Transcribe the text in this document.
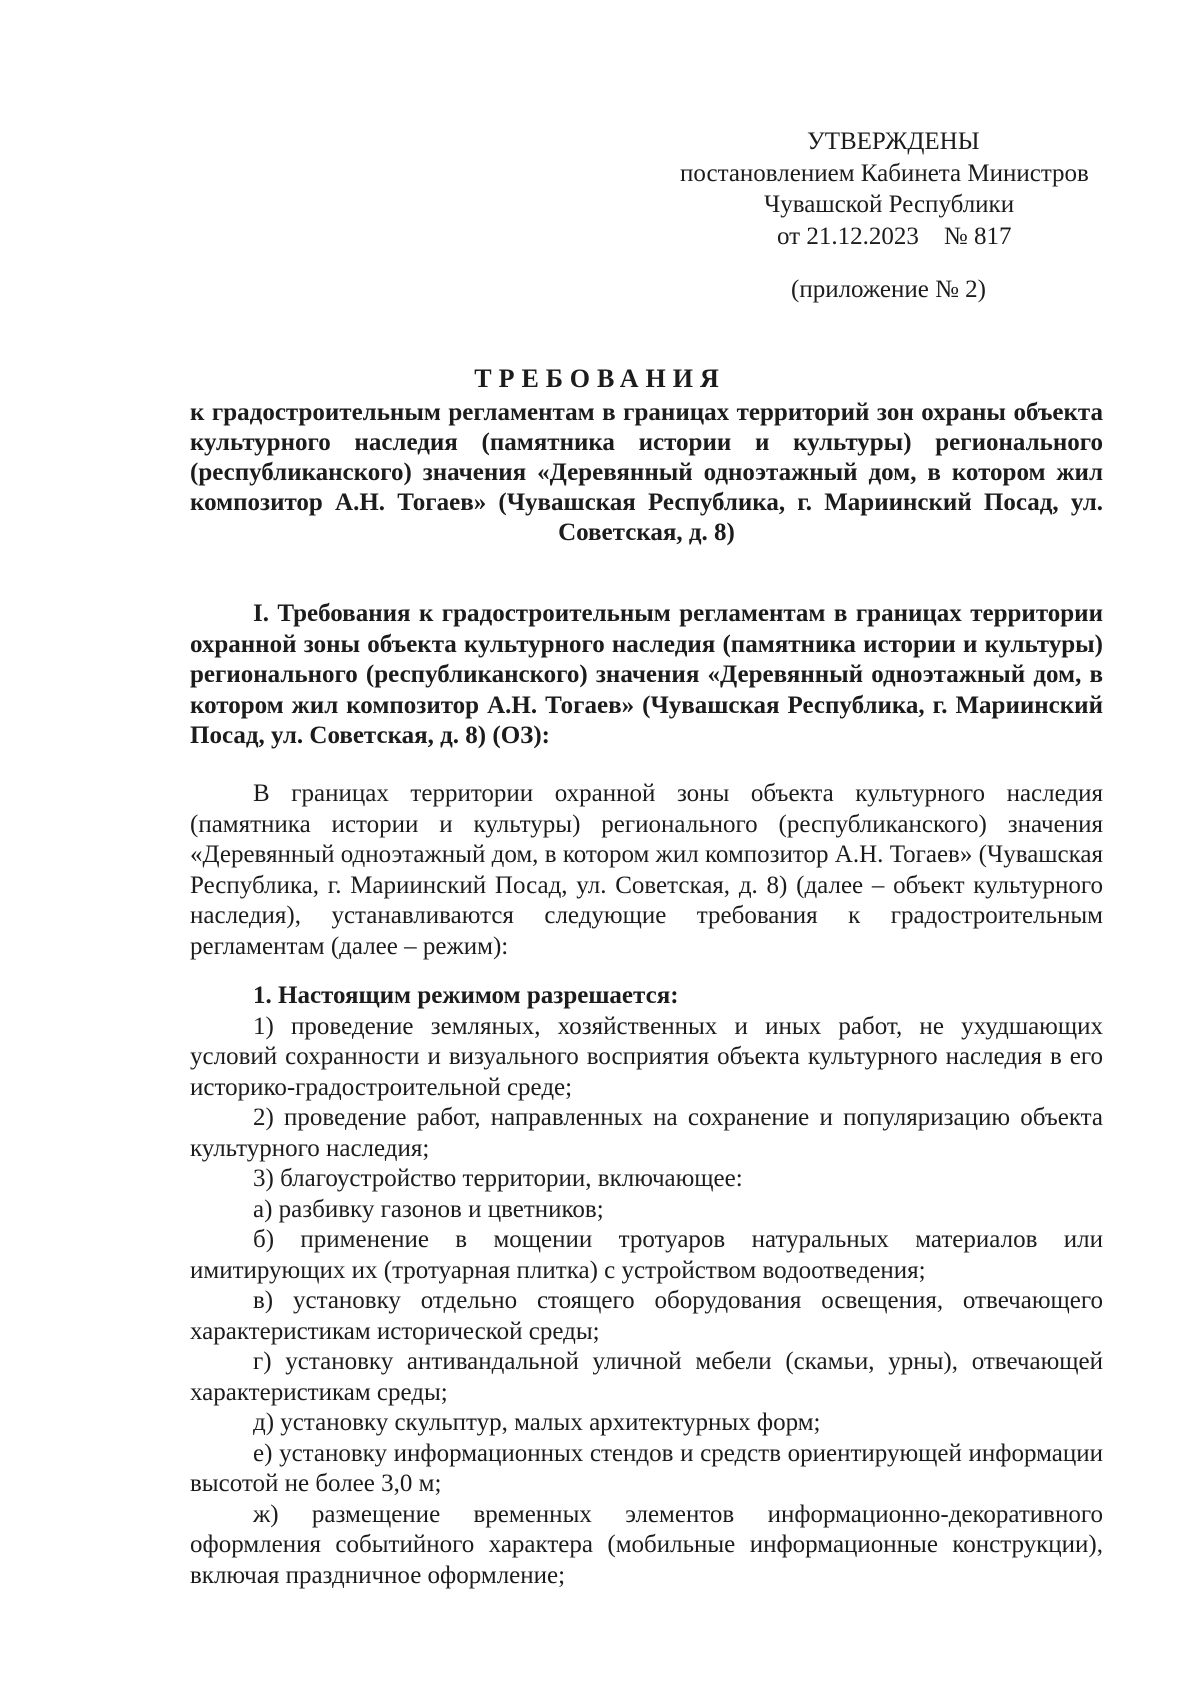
УТВЕРЖДЕНЫ
постановлением Кабинета Министров
Чувашской Республики
от 21.12.2023    № 817
(приложение № 2)
ТРЕБОВАНИЯ
к градостроительным регламентам в границах территорий зон охраны объекта культурного наследия (памятника истории и культуры) регионального (республиканского) значения «Деревянный одноэтажный дом, в котором жил композитор А.Н. Тогаев» (Чувашская Республика, г. Мариинский Посад, ул. Советская, д. 8)
I. Требования к градостроительным регламентам в границах территории охранной зоны объекта культурного наследия (памятника истории и культуры) регионального (республиканского) значения «Деревянный одноэтажный дом, в котором жил композитор А.Н. Тогаев» (Чувашская Республика, г. Мариинский Посад, ул. Советская, д. 8) (ОЗ):
В границах территории охранной зоны объекта культурного наследия (памятника истории и культуры) регионального (республиканского) значения «Деревянный одноэтажный дом, в котором жил композитор А.Н. Тогаев» (Чувашская Республика, г. Мариинский Посад, ул. Советская, д. 8) (далее – объект культурного наследия), устанавливаются следующие требования к градостроительным регламентам (далее – режим):

1. Настоящим режимом разрешается:

1) проведение земляных, хозяйственных и иных работ, не ухудшающих условий сохранности и визуального восприятия объекта культурного наследия в его историко-градостроительной среде;

2) проведение работ, направленных на сохранение и популяризацию объекта культурного наследия;

3) благоустройство территории, включающее:

а) разбивку газонов и цветников;

б) применение в мощении тротуаров натуральных материалов или имитирующих их (тротуарная плитка) с устройством водоотведения;

в) установку отдельно стоящего оборудования освещения, отвечающего характеристикам исторической среды;

г) установку антивандальной уличной мебели (скамьи, урны), отвечающей характеристикам среды;

д) установку скульптур, малых архитектурных форм;

е) установку информационных стендов и средств ориентирующей информации высотой не более 3,0 м;

ж) размещение временных элементов информационно-декоративного оформления событийного характера (мобильные информационные конструкции), включая праздничное оформление;
